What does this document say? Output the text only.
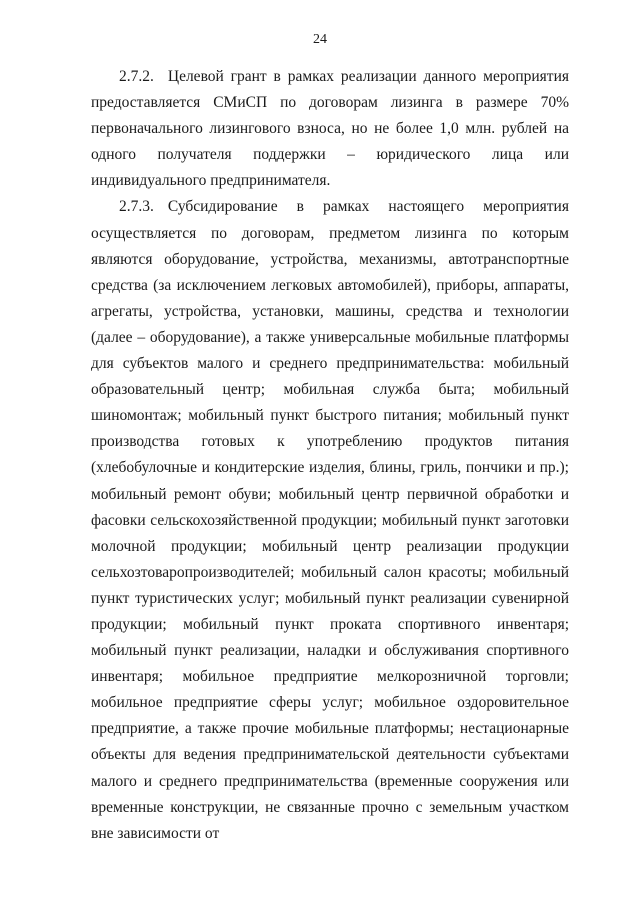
24

2.7.2. Целевой грант в рамках реализации данного мероприятия предоставляется СМиСП по договорам лизинга в размере 70% первоначального лизингового взноса, но не более 1,0 млн. рублей на одного получателя поддержки – юридического лица или индивидуального предпринимателя.

2.7.3. Субсидирование в рамках настоящего мероприятия осуществляется по договорам, предметом лизинга по которым являются оборудование, устройства, механизмы, автотранспортные средства (за исключением легковых автомобилей), приборы, аппараты, агрегаты, устройства, установки, машины, средства и технологии (далее – оборудование), а также универсальные мобильные платформы для субъектов малого и среднего предпринимательства: мобильный образовательный центр; мобильная служба быта; мобильный шиномонтаж; мобильный пункт быстрого питания; мобильный пункт производства готовых к употреблению продуктов питания (хлебобулочные и кондитерские изделия, блины, гриль, пончики и пр.); мобильный ремонт обуви; мобильный центр первичной обработки и фасовки сельскохозяйственной продукции; мобильный пункт заготовки молочной продукции; мобильный центр реализации продукции сельхозтоваропроизводителей; мобильный салон красоты; мобильный пункт туристических услуг; мобильный пункт реализации сувенирной продукции; мобильный пункт проката спортивного инвентаря; мобильный пункт реализации, наладки и обслуживания спортивного инвентаря; мобильное предприятие мелкорозничной торговли; мобильное предприятие сферы услуг; мобильное оздоровительное предприятие, а также прочие мобильные платформы; нестационарные объекты для ведения предпринимательской деятельности субъектами малого и среднего предпринимательства (временные сооружения или временные конструкции, не связанные прочно с земельным участком вне зависимости от
